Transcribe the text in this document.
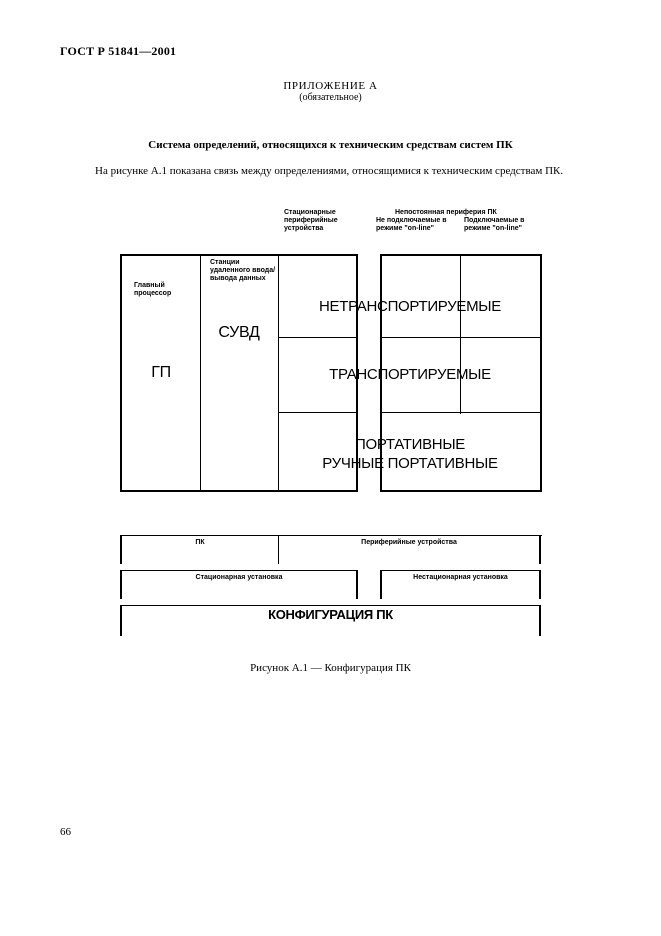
ГОСТ Р 51841—2001
ПРИЛОЖЕНИЕ А
(обязательное)
Система определений, относящихся к техническим средствам систем ПК
На рисунке А.1 показана связь между определениями, относящимися к техническим средствам ПК.
Стационарные периферийные устройства
Непостоянная периферия ПК
Не подключаемые в режиме "on-line"
Подключаемые в режиме "on-line"
Главный процессор
ГП
Станции удаленного ввода/вывода данных
СУВД
НЕТРАНСПОРТИРУЕМЫЕ
ТРАНСПОРТИРУЕМЫЕ
ПОРТАТИВНЫЕ
РУЧНЫЕ ПОРТАТИВНЫЕ
ПК	Периферийные устройства
Стационарная установка	Нестационарная установка
КОНФИГУРАЦИЯ ПК
Рисунок А.1 — Конфигурация ПК
66
